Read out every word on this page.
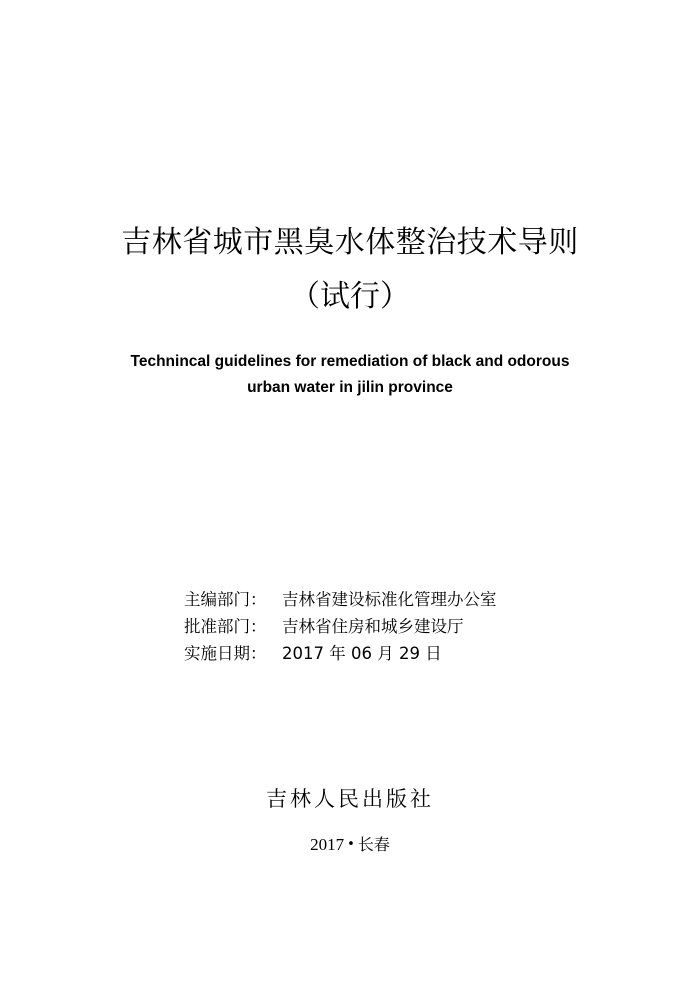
吉林省城市黑臭水体整治技术导则
（试行）
Technincal guidelines for remediation of black and odorous
urban water in jilin province
主编部门： 吉林省建设标准化管理办公室
批准部门： 吉林省住房和城乡建设厅
实施日期： 2017 年 06 月 29 日
吉林人民出版社
2017 • 长春
